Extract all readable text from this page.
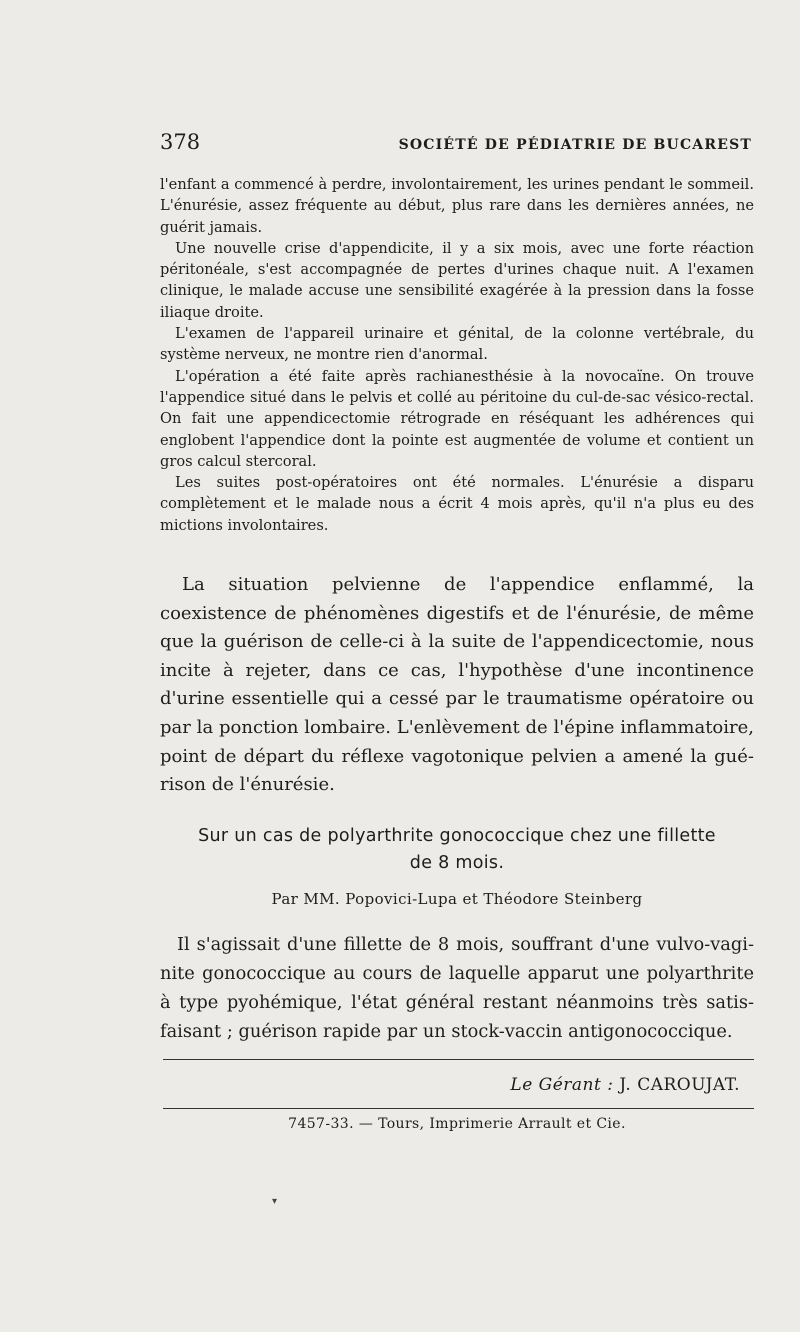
378	SOCIÉTÉ DE PÉDIATRIE DE BUCAREST

l'enfant a commencé à perdre, involontairement, les urines pendant le sommeil. L'énurésie, assez fréquente au début, plus rare dans les dernières années, ne guérit jamais.

Une nouvelle crise d'appendicite, il y a six mois, avec une forte réaction péritonéale, s'est accompagnée de pertes d'urines chaque nuit. A l'examen clinique, le malade accuse une sensibilité exagérée à la pression dans la fosse iliaque droite.

L'examen de l'appareil urinaire et génital, de la colonne vertébrale, du système nerveux, ne montre rien d'anormal.

L'opération a été faite après rachianesthésie à la novocaïne. On trouve l'appendice situé dans le pelvis et collé au péritoine du cul-de-sac vésico-rectal. On fait une appendicectomie rétrograde en réséquant les adhérences qui englobent l'appendice dont la pointe est augmentée de volume et contient un gros calcul stercoral.

Les suites post-opératoires ont été normales. L'énurésie a disparu complètement et le malade nous a écrit 4 mois après, qu'il n'a plus eu des mictions involontaires.

La situation pelvienne de l'appendice enflammé, la coexistence de phénomènes digestifs et de l'énurésie, de même que la guérison de celle-ci à la suite de l'appendicectomie, nous incite à rejeter, dans ce cas, l'hypothèse d'une incontinence d'urine essentielle qui a cessé par le traumatisme opératoire ou par la ponction lombaire. L'enlèvement de l'épine inflammatoire, point de départ du réflexe vagotonique pelvien a amené la guérison de l'énurésie.

Sur un cas de polyarthrite gonococcique chez une fillette
de 8 mois.
Par MM. Popovici-Lupa et Théodore Steinberg

Il s'agissait d'une fillette de 8 mois, souffrant d'une vulvo-vaginite gonococcique au cours de laquelle apparut une polyarthrite à type pyohémique, l'état général restant néanmoins très satisfaisant ; guérison rapide par un stock-vaccin antigonococcique.

Le Gérant : J. CAROUJAT.
7457-33. — Tours, Imprimerie Arrault et Cie.
▾
